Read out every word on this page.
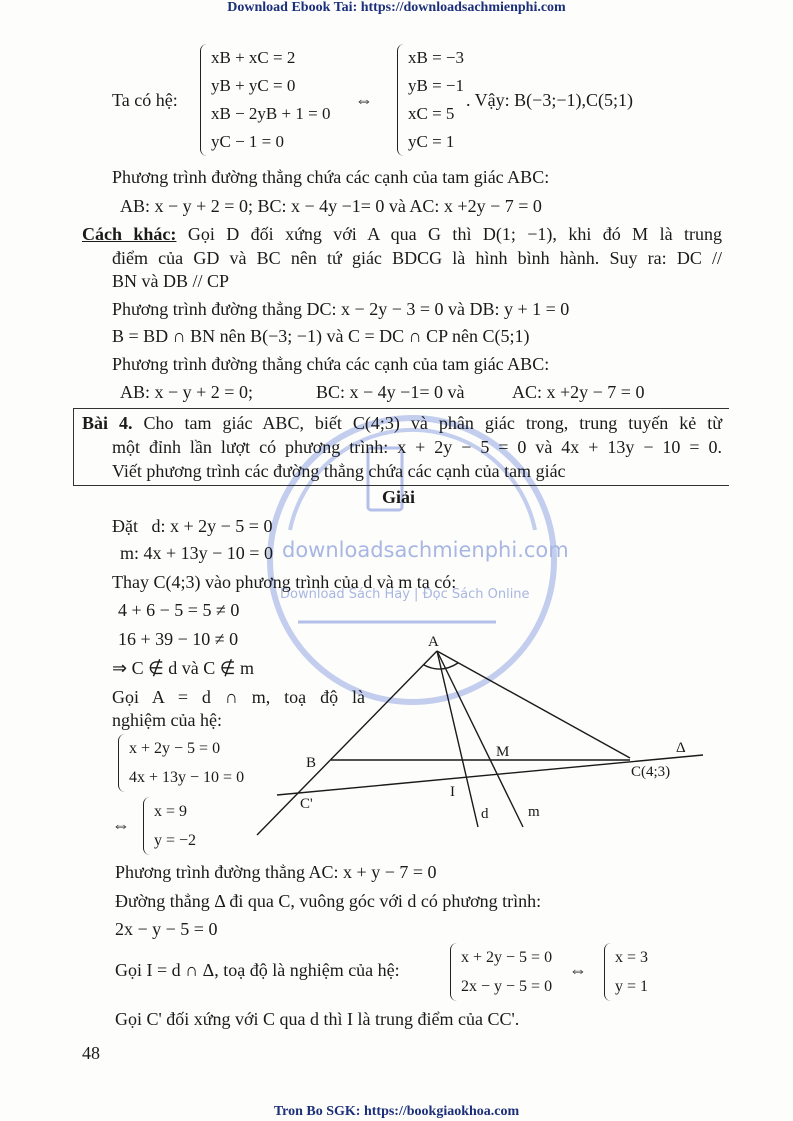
Download Ebook Tai: https://downloadsachmienphi.com
downloadsachmienphi.com
Download Sách Hay | Đọc Sách Online
Ta có hệ:
xB + xC = 2
yB + yC = 0
xB − 2yB + 1 = 0
yC − 1 = 0
⇔
xB = −3
yB = −1
xC = 5
yC = 1
. Vậy: B(−3;−1),C(5;1)
Phương trình đường thẳng chứa các cạnh của tam giác ABC:
AB: x − y + 2 = 0; BC: x − 4y −1= 0 và AC: x +2y − 7 = 0
Cách khác: Gọi D đối xứng với A qua G thì D(1; −1), khi đó M là trung
điểm của GD và BC nên tứ giác BDCG là hình bình hành. Suy ra: DC //
BN và DB // CP
Phương trình đường thẳng DC: x − 2y − 3 = 0 và DB: y + 1 = 0
B = BD ∩ BN nên B(−3; −1) và C = DC ∩ CP nên C(5;1)
Phương trình đường thẳng chứa các cạnh của tam giác ABC:
AB: x − y + 2 = 0;	BC: x − 4y −1= 0 và	AC: x +2y − 7 = 0
Bài 4. Cho tam giác ABC, biết C(4;3) và phân giác trong, trung tuyến kẻ từ
một đỉnh lần lượt có phương trình: x + 2y − 5 = 0 và 4x + 13y − 10 = 0.
Viết phương trình các đường thẳng chứa các cạnh của tam giác
Giải
Đặt   d: x + 2y − 5 = 0
m: 4x + 13y − 10 = 0
Thay C(4;3) vào phương trình của d và m ta có:
4 + 6 − 5 = 5 ≠ 0
16 + 39 − 10 ≠ 0
⇒ C ∉ d và C ∉ m
Gọi A = d ∩ m, toạ độ là
nghiệm của hệ:
x + 2y − 5 = 0
4x + 13y − 10 = 0
⇔
x = 9
y = −2
Phương trình đường thẳng AC: x + y − 7 = 0
Đường thẳng Δ đi qua C, vuông góc với d có phương trình:
2x − y − 5 = 0
Gọi I = d ∩ Δ, toạ độ là nghiệm của hệ:
x + 2y − 5 = 0
2x − y − 5 = 0
⇔
x = 3
y = 1
Gọi C' đối xứng với C qua d thì I là trung điểm của CC'.
A
B
M
C(4;3)
C'
I
d	m
Δ
48
Tron Bo SGK: https://bookgiaokhoa.com
